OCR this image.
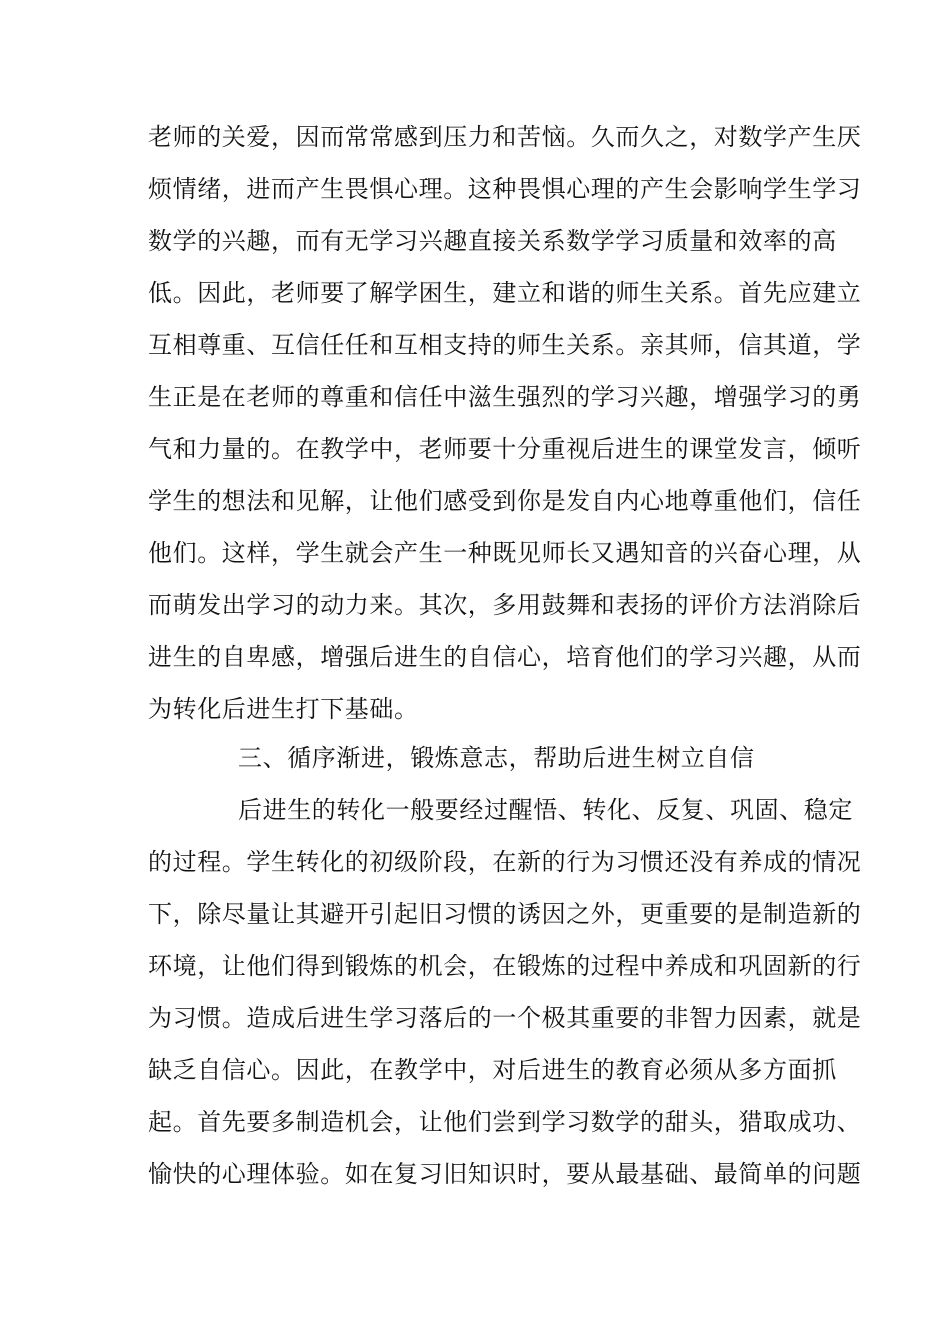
老师的关爱，因而常常感到压力和苦恼。久而久之，对数学产生厌
烦情绪，进而产生畏惧心理。这种畏惧心理的产生会影响学生学习
数学的兴趣，而有无学习兴趣直接关系数学学习质量和效率的高
低。因此，老师要了解学困生，建立和谐的师生关系。首先应建立
互相尊重、互信任任和互相支持的师生关系。亲其师，信其道，学
生正是在老师的尊重和信任中滋生强烈的学习兴趣，增强学习的勇
气和力量的。在教学中，老师要十分重视后进生的课堂发言，倾听
学生的想法和见解，让他们感受到你是发自内心地尊重他们，信任
他们。这样，学生就会产生一种既见师长又遇知音的兴奋心理，从
而萌发出学习的动力来。其次，多用鼓舞和表扬的评价方法消除后
进生的自卑感，增强后进生的自信心，培育他们的学习兴趣，从而
为转化后进生打下基础。
三、循序渐进，锻炼意志，帮助后进生树立自信
后进生的转化一般要经过醒悟、转化、反复、巩固、稳定
的过程。学生转化的初级阶段，在新的行为习惯还没有养成的情况
下，除尽量让其避开引起旧习惯的诱因之外，更重要的是制造新的
环境，让他们得到锻炼的机会，在锻炼的过程中养成和巩固新的行
为习惯。造成后进生学习落后的一个极其重要的非智力因素，就是
缺乏自信心。因此，在教学中，对后进生的教育必须从多方面抓
起。首先要多制造机会，让他们尝到学习数学的甜头，猎取成功、
愉快的心理体验。如在复习旧知识时，要从最基础、最简单的问题
